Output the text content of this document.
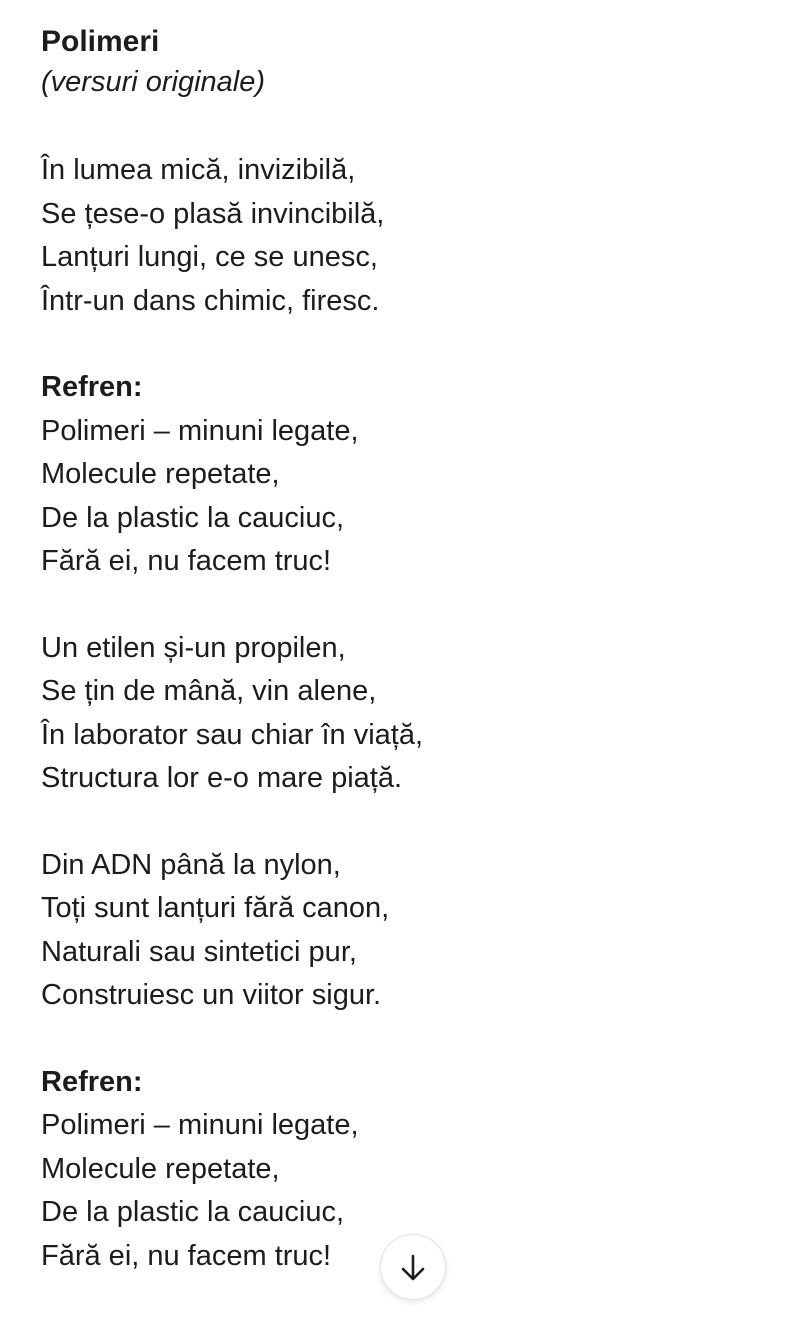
Polimeri
(versuri originale)
În lumea mică, invizibilă,
Se țese-o plasă invincibilă,
Lanțuri lungi, ce se unesc,
Într-un dans chimic, firesc.
Refren:
Polimeri – minuni legate,
Molecule repetate,
De la plastic la cauciuc,
Fără ei, nu facem truc!
Un etilen și-un propilen,
Se țin de mână, vin alene,
În laborator sau chiar în viață,
Structura lor e-o mare piață.
Din ADN până la nylon,
Toți sunt lanțuri fără canon,
Naturali sau sintetici pur,
Construiesc un viitor sigur.
Refren:
Polimeri – minuni legate,
Molecule repetate,
De la plastic la cauciuc,
Fără ei, nu facem truc!
